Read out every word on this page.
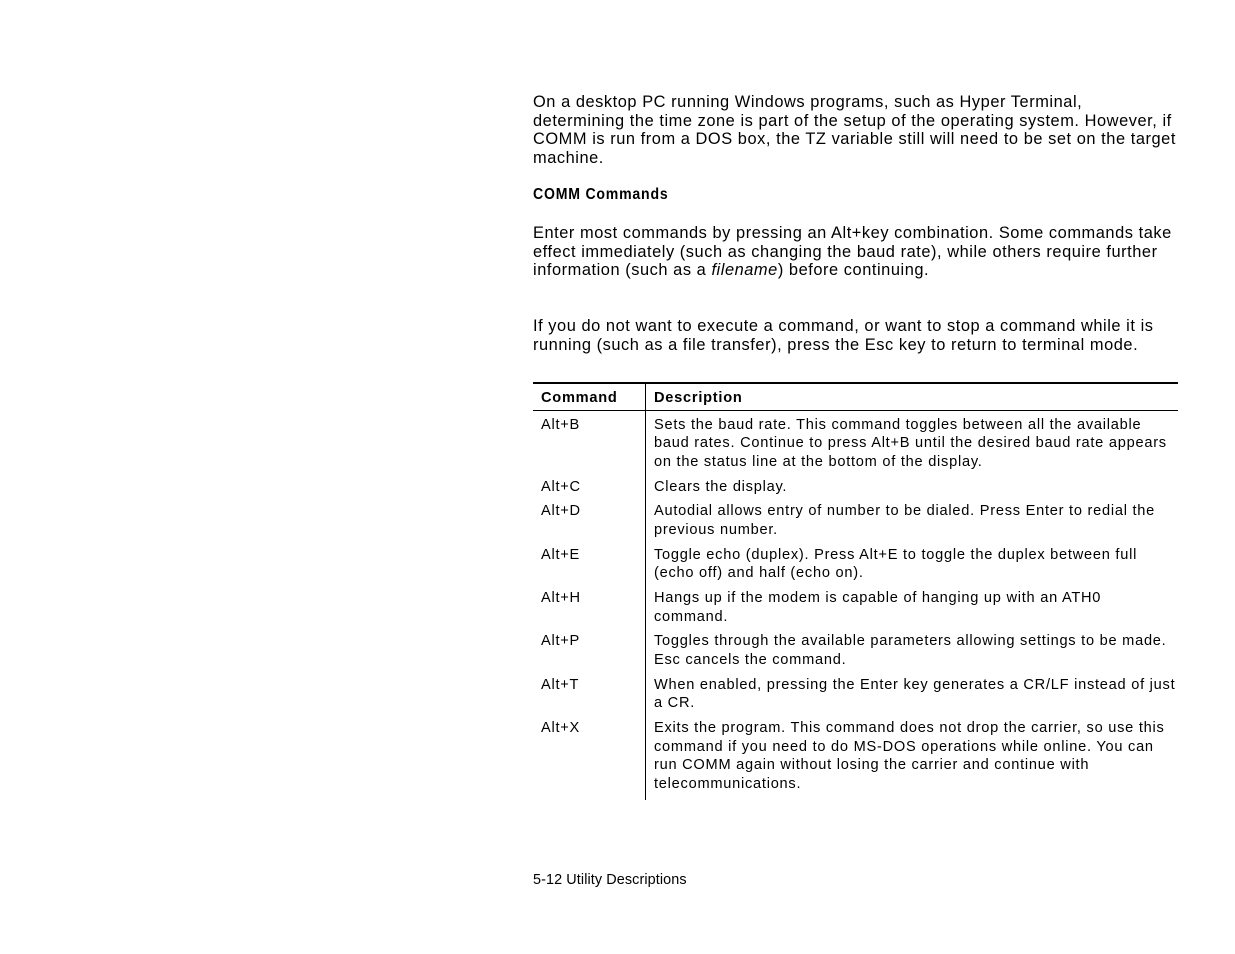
On a desktop PC running Windows programs, such as Hyper Terminal, determining the time zone is part of the setup of the operating system. However, if COMM is run from a DOS box, the TZ variable still will need to be set on the target machine.

COMM Commands

Enter most commands by pressing an Alt+key combination. Some commands take effect immediately (such as changing the baud rate), while others require further information (such as a filename) before continuing.

If you do not want to execute a command, or want to stop a command while it is running (such as a file transfer), press the Esc key to return to terminal mode.

Command	Description
Alt+B	Sets the baud rate. This command toggles between all the available baud rates. Continue to press Alt+B until the desired baud rate appears on the status line at the bottom of the display.
Alt+C	Clears the display.
Alt+D	Autodial allows entry of number to be dialed. Press Enter to redial the previous number.
Alt+E	Toggle echo (duplex). Press Alt+E to toggle the duplex between full (echo off) and half (echo on).
Alt+H	Hangs up if the modem is capable of hanging up with an ATH0 command.
Alt+P	Toggles through the available parameters allowing settings to be made. Esc cancels the command.
Alt+T	When enabled, pressing the Enter key generates a CR/LF instead of just a CR.
Alt+X	Exits the program. This command does not drop the carrier, so use this command if you need to do MS-DOS operations while online. You can run COMM again without losing the carrier and continue with telecommunications.
5-12 Utility Descriptions
